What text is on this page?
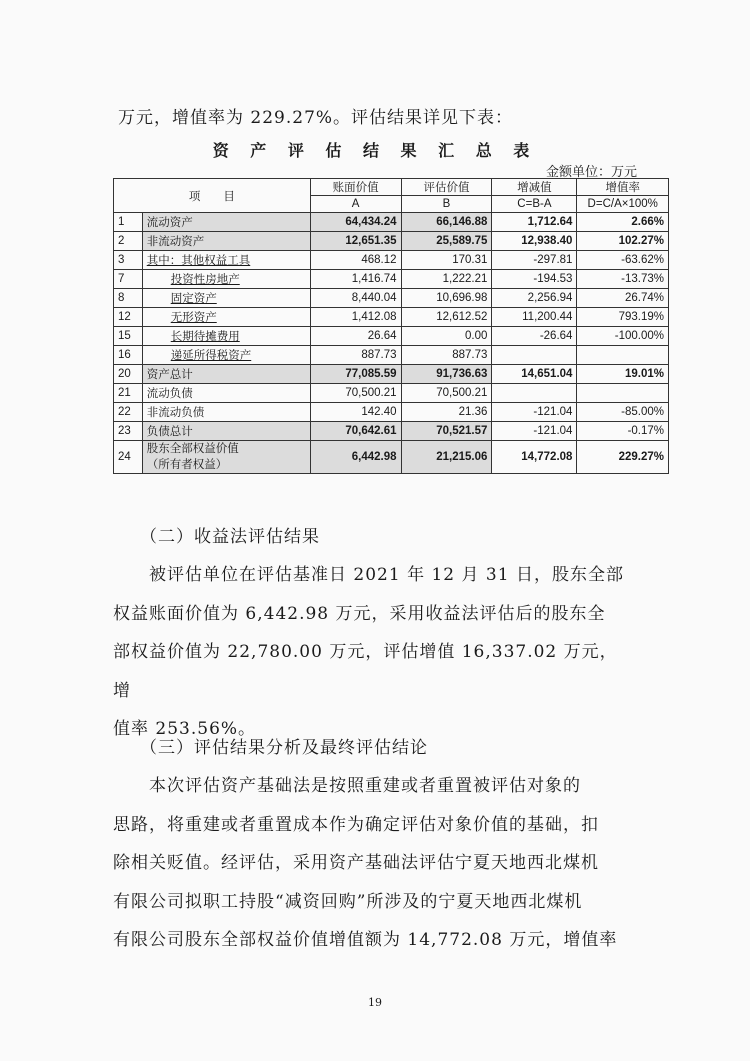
万元，增值率为 229.27%。评估结果详见下表：
资 产 评 估 结 果 汇 总 表
金额单位：万元
项　　目		账面价值	评估价值	增减值	增值率
		A	B	C=B-A	D=C/A×100%
1	流动资产	64,434.24	66,146.88	1,712.64	2.66%
2	非流动资产	12,651.35	25,589.75	12,938.40	102.27%
3	其中：其他权益工具	468.12	170.31	-297.81	-63.62%
7	投资性房地产	1,416.74	1,222.21	-194.53	-13.73%
8	固定资产	8,440.04	10,696.98	2,256.94	26.74%
12	无形资产	1,412.08	12,612.52	11,200.44	793.19%
15	长期待摊费用	26.64	0.00	-26.64	-100.00%
16	递延所得税资产	887.73	887.73		
20	资产总计	77,085.59	91,736.63	14,651.04	19.01%
21	流动负债	70,500.21	70,500.21		
22	非流动负债	142.40	21.36	-121.04	-85.00%
23	负债总计	70,642.61	70,521.57	-121.04	-0.17%
24	股东全部权益价值
（所有者权益）	6,442.98	21,215.06	14,772.08	229.27%
（二）收益法评估结果
被评估单位在评估基准日 2021 年 12 月 31 日，股东全部
权益账面价值为 6,442.98 万元，采用收益法评估后的股东全
部权益价值为 22,780.00 万元，评估增值 16,337.02 万元，增
值率 253.56%。
（三）评估结果分析及最终评估结论
本次评估资产基础法是按照重建或者重置被评估对象的
思路，将重建或者重置成本作为确定评估对象价值的基础，扣
除相关贬值。经评估，采用资产基础法评估宁夏天地西北煤机
有限公司拟职工持股“减资回购”所涉及的宁夏天地西北煤机
有限公司股东全部权益价值增值额为 14,772.08 万元，增值率
19
